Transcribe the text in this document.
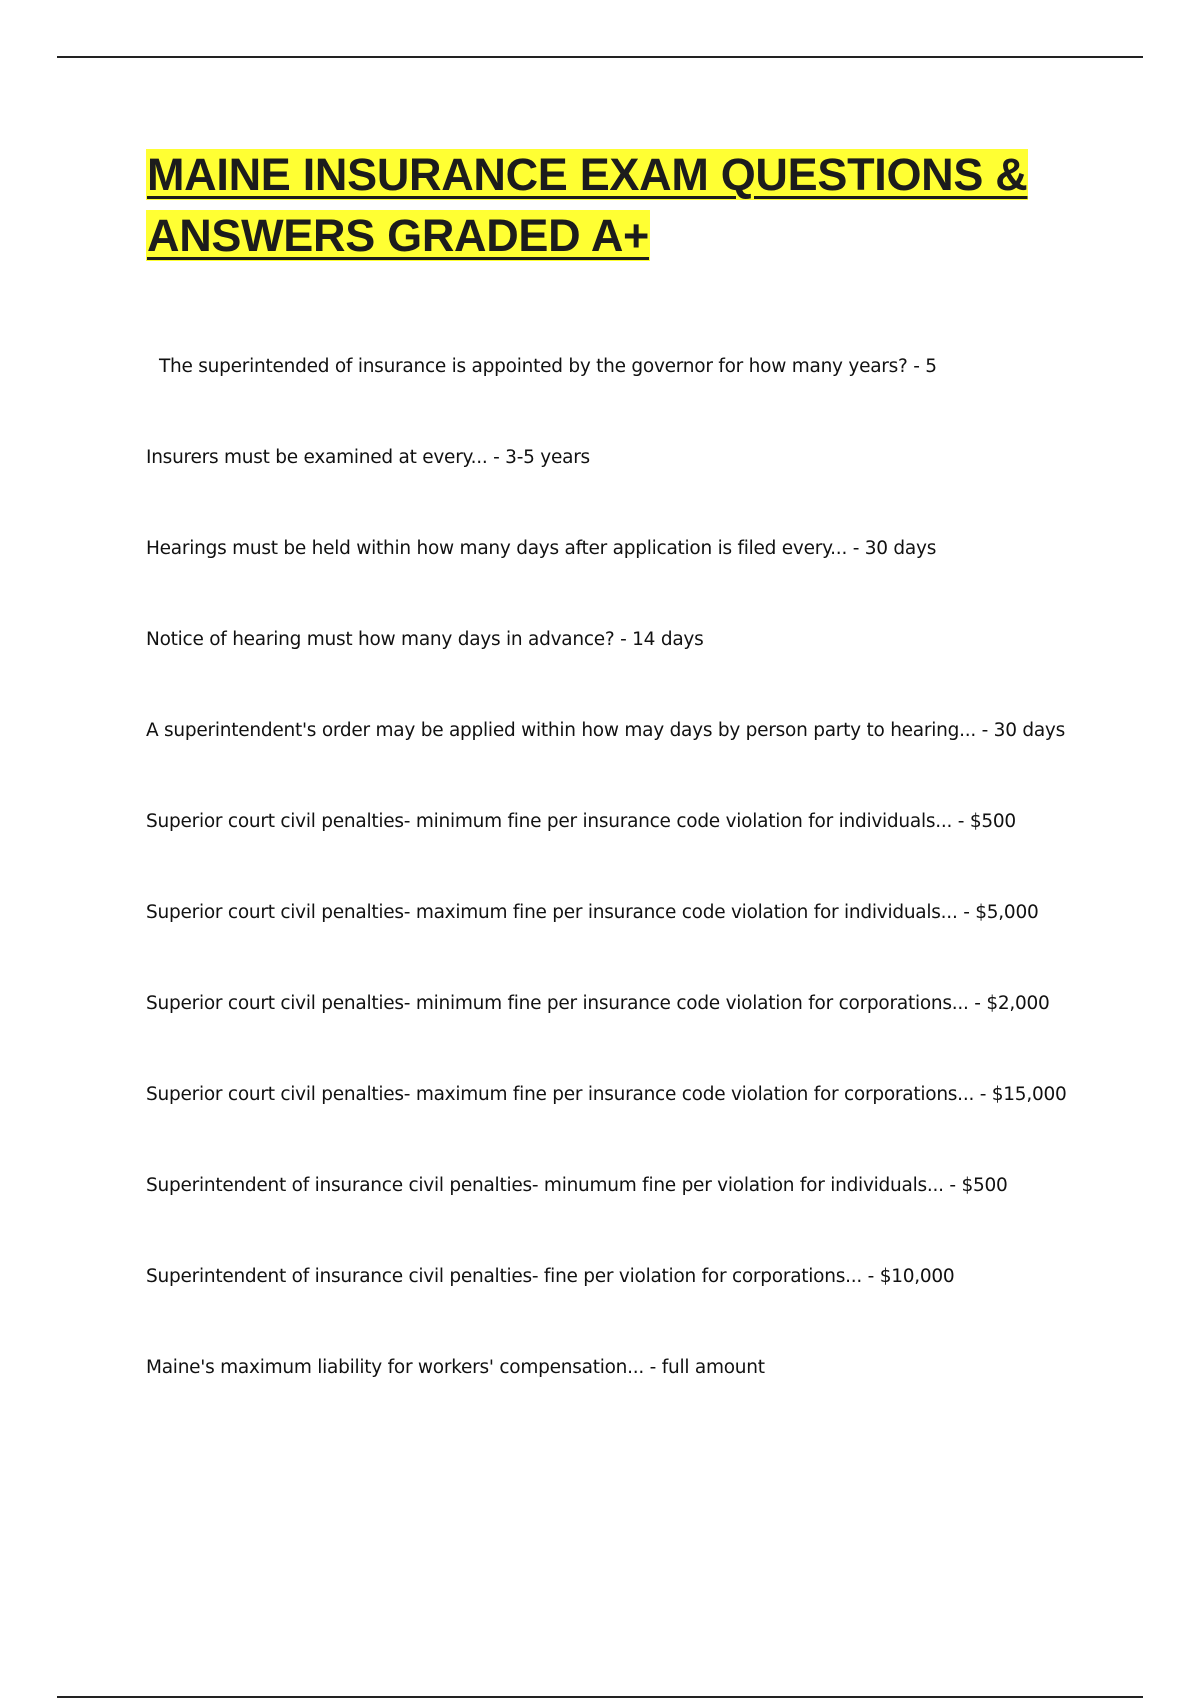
MAINE INSURANCE EXAM QUESTIONS & ANSWERS GRADED A+
The superintended of insurance is appointed by the governor for how many years? - 5
Insurers must be examined at every... - 3-5 years
Hearings must be held within how many days after application is filed every... - 30 days
Notice of hearing must how many days in advance? - 14 days
A superintendent's order may be applied within how may days by person party to hearing... - 30 days
Superior court civil penalties- minimum fine per insurance code violation for individuals... - $500
Superior court civil penalties- maximum fine per insurance code violation for individuals... - $5,000
Superior court civil penalties- minimum fine per insurance code violation for corporations... - $2,000
Superior court civil penalties- maximum fine per insurance code violation for corporations... - $15,000
Superintendent of insurance civil penalties- minumum fine per violation for individuals... - $500
Superintendent of insurance civil penalties- fine per violation for corporations... - $10,000
Maine's maximum liability for workers' compensation... - full amount
